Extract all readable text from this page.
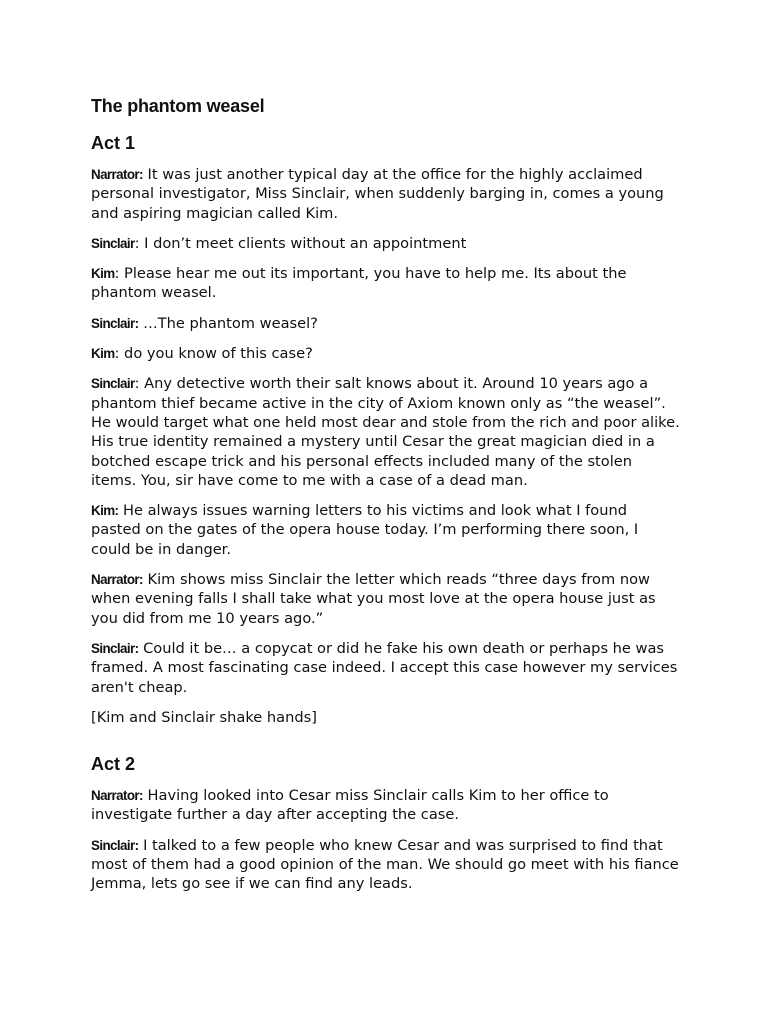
The phantom weasel
Act 1

Narrator: It was just another typical day at the office for the highly acclaimed personal investigator, Miss Sinclair, when suddenly barging in, comes a young and aspiring magician called Kim.

Sinclair: I don’t meet clients without an appointment

Kim: Please hear me out its important, you have to help me. Its about the phantom weasel.

Sinclair: …The phantom weasel?

Kim: do you know of this case?

Sinclair: Any detective worth their salt knows about it. Around 10 years ago a phantom thief became active in the city of Axiom known only as “the weasel”. He would target what one held most dear and stole from the rich and poor alike. His true identity remained a mystery until Cesar the great magician died in a botched escape trick and his personal effects included many of the stolen items. You, sir have come to me with a case of a dead man.

Kim: He always issues warning letters to his victims and look what I found pasted on the gates of the opera house today. I’m performing there soon, I could be in danger.

Narrator: Kim shows miss Sinclair the letter which reads “three days from now when evening falls I shall take what you most love at the opera house just as you did from me 10 years ago.”

Sinclair: Could it be… a copycat or did he fake his own death or perhaps he was framed. A most fascinating case indeed. I accept this case however my services aren't cheap.

[Kim and Sinclair shake hands]

Act 2

Narrator: Having looked into Cesar miss Sinclair calls Kim to her office to investigate further a day after accepting the case.

Sinclair: I talked to a few people who knew Cesar and was surprised to find that most of them had a good opinion of the man. We should go meet with his fiance Jemma, lets go see if we can find any leads.
